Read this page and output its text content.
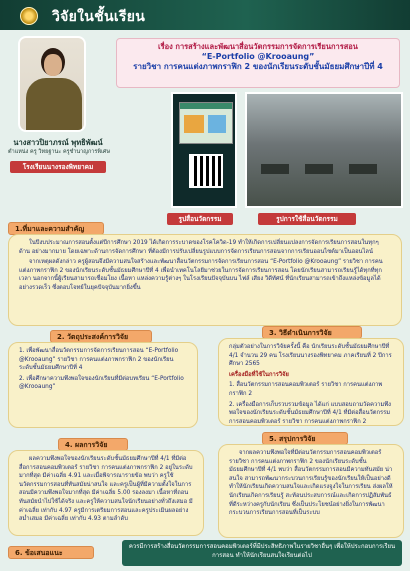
วิจัยในชั้นเรียน
นางสาวปิยาภรณ์ พุทธิพัฒน์
ตำแหน่ง ครู วิทยฐานะ ครูชำนาญการพิเศษ
โรงเรียนนางรองพิทยาคม
เรื่อง การสร้างและพัฒนาสื่อนวัตกรรมการจัดการเรียนการสอน
“E-Portfolio @Krooaung”
รายวิชา การคนแต่งภาพกราฟิก 2 ของนักเรียนระดับชั้นมัธยมศึกษาปีที่ 4
รูปสื่อนวัตกรรม	รูปการใช้สื่อนวัตกรรม
1.ที่มาและความสำคัญ

ในปีงบประมาณการสอนตั้งแต่ปีการศึกษา 2019 ได้เกิดการระบาดของโรคโควิด-19 ทำให้เกิดการเปลี่ยนแปลงการจัดการเรียนการสอนในทุกๆ ด้าน อย่างมากมาย โดยเฉพาะด้านการจัดการศึกษา ที่ต้องมีการปรับเปลี่ยนรูปแบบการจัดการเรียนการสอนจากการเรียนออนไซต์มาเป็นออนไลน์

จากเหตุผลดังกล่าว ครูผู้สอนจึงมีความสนใจสร้างและพัฒนาสื่อนวัตกรรมการจัดการเรียนการสอน “E-Portfolio @Krooaung” รายวิชา การคนแต่งภาพกราฟิก 2 ของนักเรียนระดับชั้นมัธยมศึกษาปีที่ 4 เพื่อนำเทคโนโลยีมาช่วยในการจัดการเรียนการสอน โดยนักเรียนสามารถเรียนรู้ได้ทุกที่ทุกเวลา นอกจากนี้ผู้เรียนสามารถเชื่อมโยง เนื้อหา แหล่งความรู้ต่างๆ ในโรงเรียนปัจจุบันบน ไฟล์ เสียง วิดีทัศน์ ที่นักเรียนสามารถเข้าถึงแหล่งข้อมูลได้อย่างรวดเร็ว ซึ่งตอบโจทย์ในยุคปัจจุบันมากยิ่งขึ้น

2. วัตถุประสงค์การวิจัย

1. เพื่อพัฒนาสื่อนวัตกรรมการจัดการเรียนการสอน “E-Portfolio @Krooaung” รายวิชา การคนแต่งภาพกราฟิก 2 ของนักเรียนระดับชั้นมัธยมศึกษาปีที่ 4

2. เพื่อศึกษาความพึงพอใจของนักเรียนที่มีต่อบทเรียน “E-Portfolio @Krooaung”

3. วิธีดำเนินการวิจัย

กลุ่มตัวอย่างในการวิจัยครั้งนี้ คือ นักเรียนระดับชั้นมัธยมศึกษาปีที่ 4/1 จำนวน 29 คน โรงเรียนนางรองพิทยาคม ภาคเรียนที่ 2 ปีการศึกษา 2565

เครื่องมือที่ใช้ในการวิจัย

1. สื่อนวัตกรรมการสอนคอมพิวเตอร์ รายวิชา การคนแต่งภาพกราฟิก 2

2. เครื่องมือการเก็บรวบรวมข้อมูล ได้แก่ แบบสอบถามวัดความพึงพอใจของนักเรียนระดับชั้นมัธยมศึกษาปีที่ 4/1 ที่มีต่อสื่อนวัตกรรมการสอนคอมพิวเตอร์ รายวิชา การคนแต่งภาพกราฟิก 2

4. ผลการวิจัย

ผลความพึงพอใจของนักเรียนระดับชั้นมัธยมศึกษาปีที่ 4/1 ที่มีต่อสื่อการสอนคอมพิวเตอร์ รายวิชา การคนแต่งภาพกราฟิก 2 อยู่ในระดับมากที่สุด มีค่าเฉลี่ย 4.91 และเมื่อพิจารณารายข้อ พบว่า ครูใช้นวัตกรรมการสอนที่ทันสมัยน่าสนใจ และครูเป็นผู้ที่มีความตั้งใจในการสอนมีความพึงพอใจมากที่สุด มีค่าเฉลี่ย 5.00 รองลงมา เนื้อหาที่ถอนทันสมัยนำไปใช้ได้จริง และครูให้ความสนใจนักเรียนอย่างทั่วถึงเสมอ มีค่าเฉลี่ย เท่ากับ 4.97 ครูมีการเตรียมการสอนและครูประเมินผลอย่างสม่ำเสมอ มีค่าเฉลี่ย เท่ากับ 4.93 ตามลำดับ

5. สรุปการวิจัย

จากผลความพึงพอใจที่มีต่อนวัตกรรมการสอนคอมพิวเตอร์ รายวิชา การคนแต่งภาพกราฟิก 2 ของนักเรียนระดับชั้นมัธยมศึกษาปีที่ 4/1 พบว่า สื่อนวัตกรรมการสอนมีความทันสมัย น่าสนใจ สามารถพัฒนากระบวนการเรียนรู้ของนักเรียนให้เป็นอย่างดี ทำให้นักเรียนเกิดความสนใจและเกิดแรงจูงใจในการเรียน ส่งผลให้นักเรียนเกิดการเรียนรู้ สะท้อนประสบการณ์และเกิดการปฏิสัมพันธ์ที่ดีระหว่างครูกับนักเรียน ซึ่งเป็นประโยชน์อย่างยิ่งในการพัฒนากระบวนการเรียนการสอนที่เป็นระบบ

6. ข้อเสนอแนะ
ควรมีการสร้างสื่อนวัตกรรมการสอนคอมพิวเตอร์ที่มีประสิทธิภาพในรายวิชาอื่นๆ เพื่อให้ประกอบการเรียนการสอน ทำให้นักเรียนสนใจเรียนต่อไป
